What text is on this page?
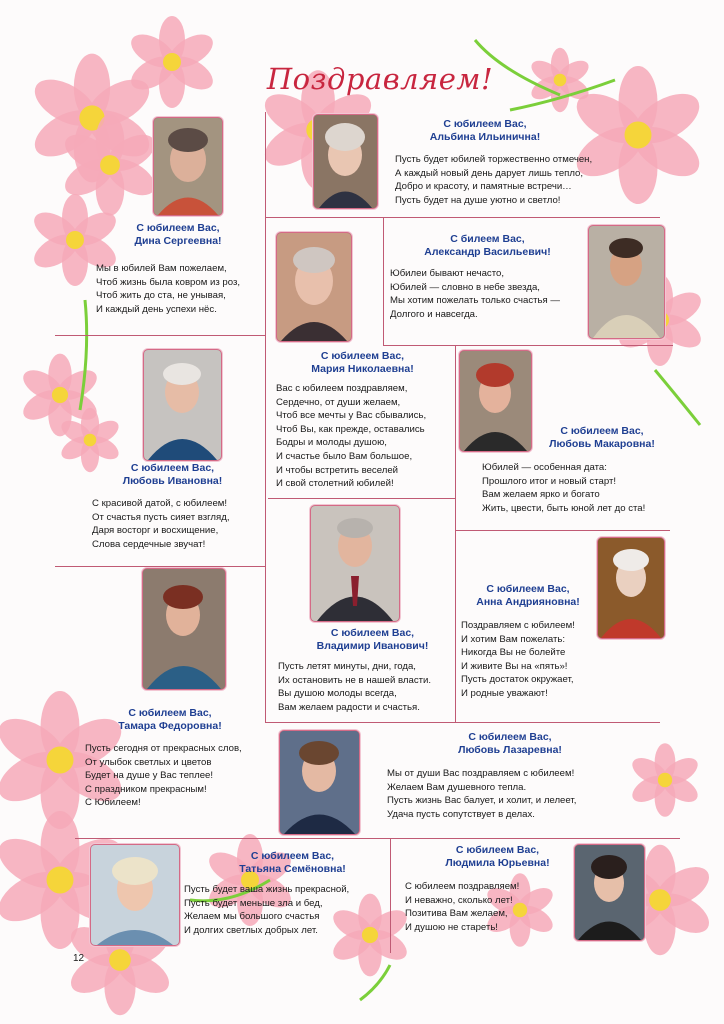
Поздравляем!
С юбилеем Вас,
Альбина Ильинична!
Пусть будет юбилей торжественно отмечен,
А каждый новый день дарует лишь тепло,
Добро и красоту, и памятные встречи…
Пусть будет на душе уютно и светло!
С юбилеем Вас,
Дина Сергеевна!
Мы в юбилей Вам пожелаем,
Чтоб жизнь была ковром из роз,
Чтоб жить до ста, не унывая,
И каждый день успехи нёс.
С билеем Вас,
Александр Васильевич!
Юбилеи бывают нечасто,
Юбилей — словно в небе звезда,
Мы хотим пожелать только счастья —
Долгого и навсегда.
С юбилеем Вас,
Мария Николаевна!
Вас с юбилеем поздравляем,
Сердечно, от души желаем,
Чтоб все мечты у Вас сбывались,
Чтоб Вы, как прежде, оставались
Бодры и молоды душою,
И счастье было Вам большое,
И чтобы встретить веселей
И свой столетний юбилей!
С юбилеем Вас,
Любовь Ивановна!
С красивой датой, с юбилеем!
От счастья пусть сияет взгляд,
Даря восторг и восхищение,
Слова сердечные звучат!
С юбилеем Вас,
Любовь Макаровна!
Юбилей — особенная дата:
Прошлого итог и новый старт!
Вам желаем ярко и богато
Жить, цвести, быть юной лет до ста!
С юбилеем Вас,
Владимир Иванович!
Пусть летят минуты, дни, года,
Их остановить не в нашей власти.
Вы душою молоды всегда,
Вам желаем радости и счастья.
С юбилеем Вас,
Анна Андрияновна!
Поздравляем с юбилеем!
И хотим Вам пожелать:
Никогда Вы не болейте
И живите Вы на «пять»!
Пусть достаток окружает,
И родные уважают!
С юбилеем Вас,
Тамара Федоровна!
Пусть сегодня от прекрасных слов,
От улыбок светлых и цветов
Будет на душе у Вас теплее!
С праздником прекрасным!
С Юбилеем!
С юбилеем Вас,
Любовь Лазаревна!
Мы от души Вас поздравляем с юбилеем!
Желаем Вам душевного тепла.
Пусть жизнь Вас балует, и холит, и лелеет,
Удача пусть сопутствует в делах.
С юбилеем Вас,
Татьяна Семёновна!
Пусть будет ваша жизнь прекрасной,
Пусть будет меньше зла и бед,
Желаем мы большого счастья
И долгих светлых добрых лет.
С юбилеем Вас,
Людмила Юрьевна!
С юбилеем поздравляем!
И неважно, сколько лет!
Позитива Вам желаем,
И душою не стареть!
12
